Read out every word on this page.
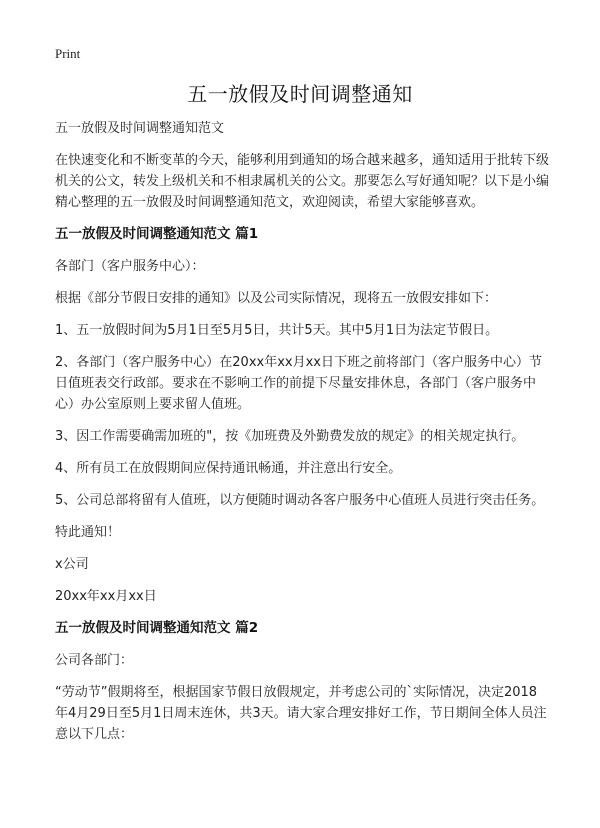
Print
五一放假及时间调整通知

五一放假及时间调整通知范文

在快速变化和不断变革的今天，能够利用到通知的场合越来越多，通知适用于批转下级机关的公文，转发上级机关和不相隶属机关的公文。那要怎么写好通知呢？以下是小编精心整理的五一放假及时间调整通知范文，欢迎阅读，希望大家能够喜欢。

五一放假及时间调整通知范文 篇1

各部门（客户服务中心）：

根据《部分节假日安排的通知》以及公司实际情况，现将五一放假安排如下：

1、五一放假时间为5月1日至5月5日，共计5天。其中5月1日为法定节假日。

2、各部门（客户服务中心）在20xx年xx月xx日下班之前将部门（客户服务中心）节日值班表交行政部。要求在不影响工作的前提下尽量安排休息，各部门（客户服务中心）办公室原则上要求留人值班。

3、因工作需要确需加班的"，按《加班费及外勤费发放的规定》的相关规定执行。

4、所有员工在放假期间应保持通讯畅通，并注意出行安全。

5、公司总部将留有人值班，以方便随时调动各客户服务中心值班人员进行突击任务。

特此通知！

x公司

20xx年xx月xx日

五一放假及时间调整通知范文 篇2

公司各部门：

“劳动节”假期将至，根据国家节假日放假规定，并考虑公司的`实际情况，决定2018年4月29日至5月1日周末连休，共3天。请大家合理安排好工作，节日期间全体人员注意以下几点：
